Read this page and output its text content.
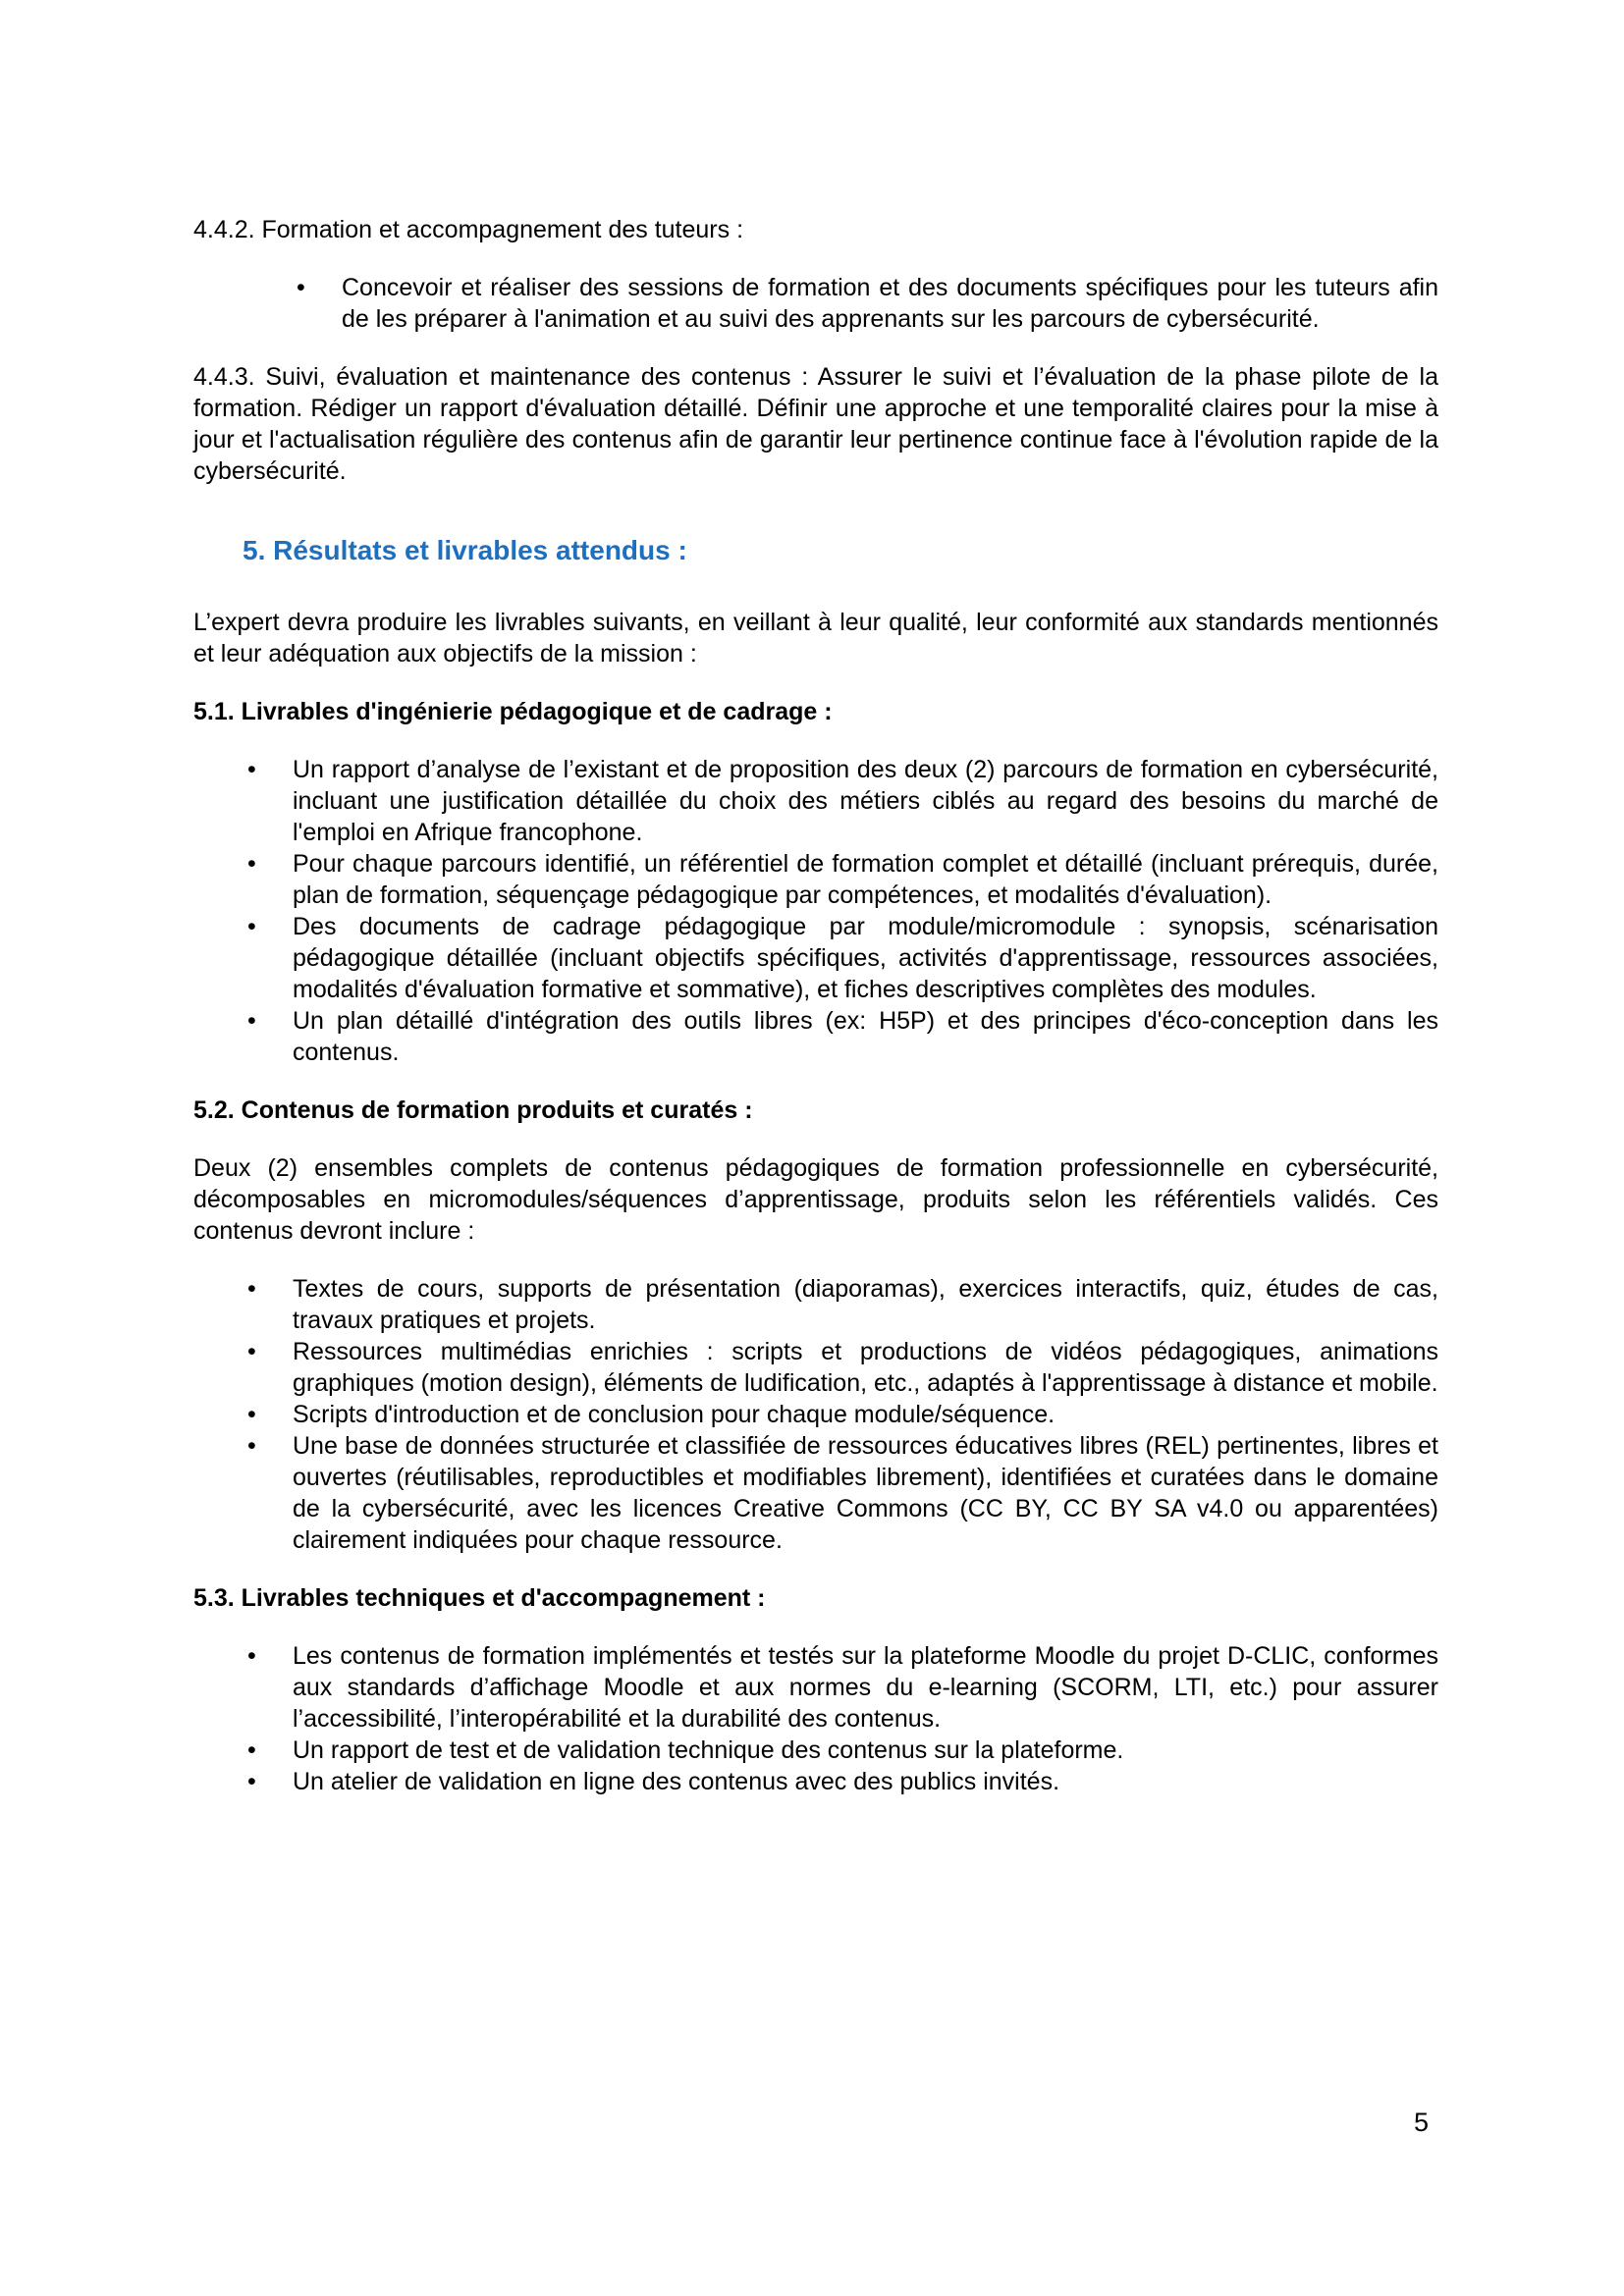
4.4.2. Formation et accompagnement des tuteurs :

• Concevoir et réaliser des sessions de formation et des documents spécifiques pour les tuteurs afin de les préparer à l'animation et au suivi des apprenants sur les parcours de cybersécurité.

4.4.3. Suivi, évaluation et maintenance des contenus : Assurer le suivi et l’évaluation de la phase pilote de la formation. Rédiger un rapport d'évaluation détaillé. Définir une approche et une temporalité claires pour la mise à jour et l'actualisation régulière des contenus afin de garantir leur pertinence continue face à l'évolution rapide de la cybersécurité.

5. Résultats et livrables attendus :

L’expert devra produire les livrables suivants, en veillant à leur qualité, leur conformité aux standards mentionnés et leur adéquation aux objectifs de la mission :

5.1. Livrables d'ingénierie pédagogique et de cadrage :

• Un rapport d’analyse de l’existant et de proposition des deux (2) parcours de formation en cybersécurité, incluant une justification détaillée du choix des métiers ciblés au regard des besoins du marché de l'emploi en Afrique francophone.
• Pour chaque parcours identifié, un référentiel de formation complet et détaillé (incluant prérequis, durée, plan de formation, séquençage pédagogique par compétences, et modalités d'évaluation).
• Des documents de cadrage pédagogique par module/micromodule : synopsis, scénarisation pédagogique détaillée (incluant objectifs spécifiques, activités d'apprentissage, ressources associées, modalités d'évaluation formative et sommative), et fiches descriptives complètes des modules.
• Un plan détaillé d'intégration des outils libres (ex: H5P) et des principes d'éco-conception dans les contenus.

5.2. Contenus de formation produits et curatés :

Deux (2) ensembles complets de contenus pédagogiques de formation professionnelle en cybersécurité, décomposables en micromodules/séquences d’apprentissage, produits selon les référentiels validés. Ces contenus devront inclure :

• Textes de cours, supports de présentation (diaporamas), exercices interactifs, quiz, études de cas, travaux pratiques et projets.
• Ressources multimédias enrichies : scripts et productions de vidéos pédagogiques, animations graphiques (motion design), éléments de ludification, etc., adaptés à l'apprentissage à distance et mobile.
• Scripts d'introduction et de conclusion pour chaque module/séquence.
• Une base de données structurée et classifiée de ressources éducatives libres (REL) pertinentes, libres et ouvertes (réutilisables, reproductibles et modifiables librement), identifiées et curatées dans le domaine de la cybersécurité, avec les licences Creative Commons (CC BY, CC BY SA v4.0 ou apparentées) clairement indiquées pour chaque ressource.

5.3. Livrables techniques et d'accompagnement :

• Les contenus de formation implémentés et testés sur la plateforme Moodle du projet D-CLIC, conformes aux standards d’affichage Moodle et aux normes du e-learning (SCORM, LTI, etc.) pour assurer l’accessibilité, l’interopérabilité et la durabilité des contenus.
• Un rapport de test et de validation technique des contenus sur la plateforme.
• Un atelier de validation en ligne des contenus avec des publics invités.
5
